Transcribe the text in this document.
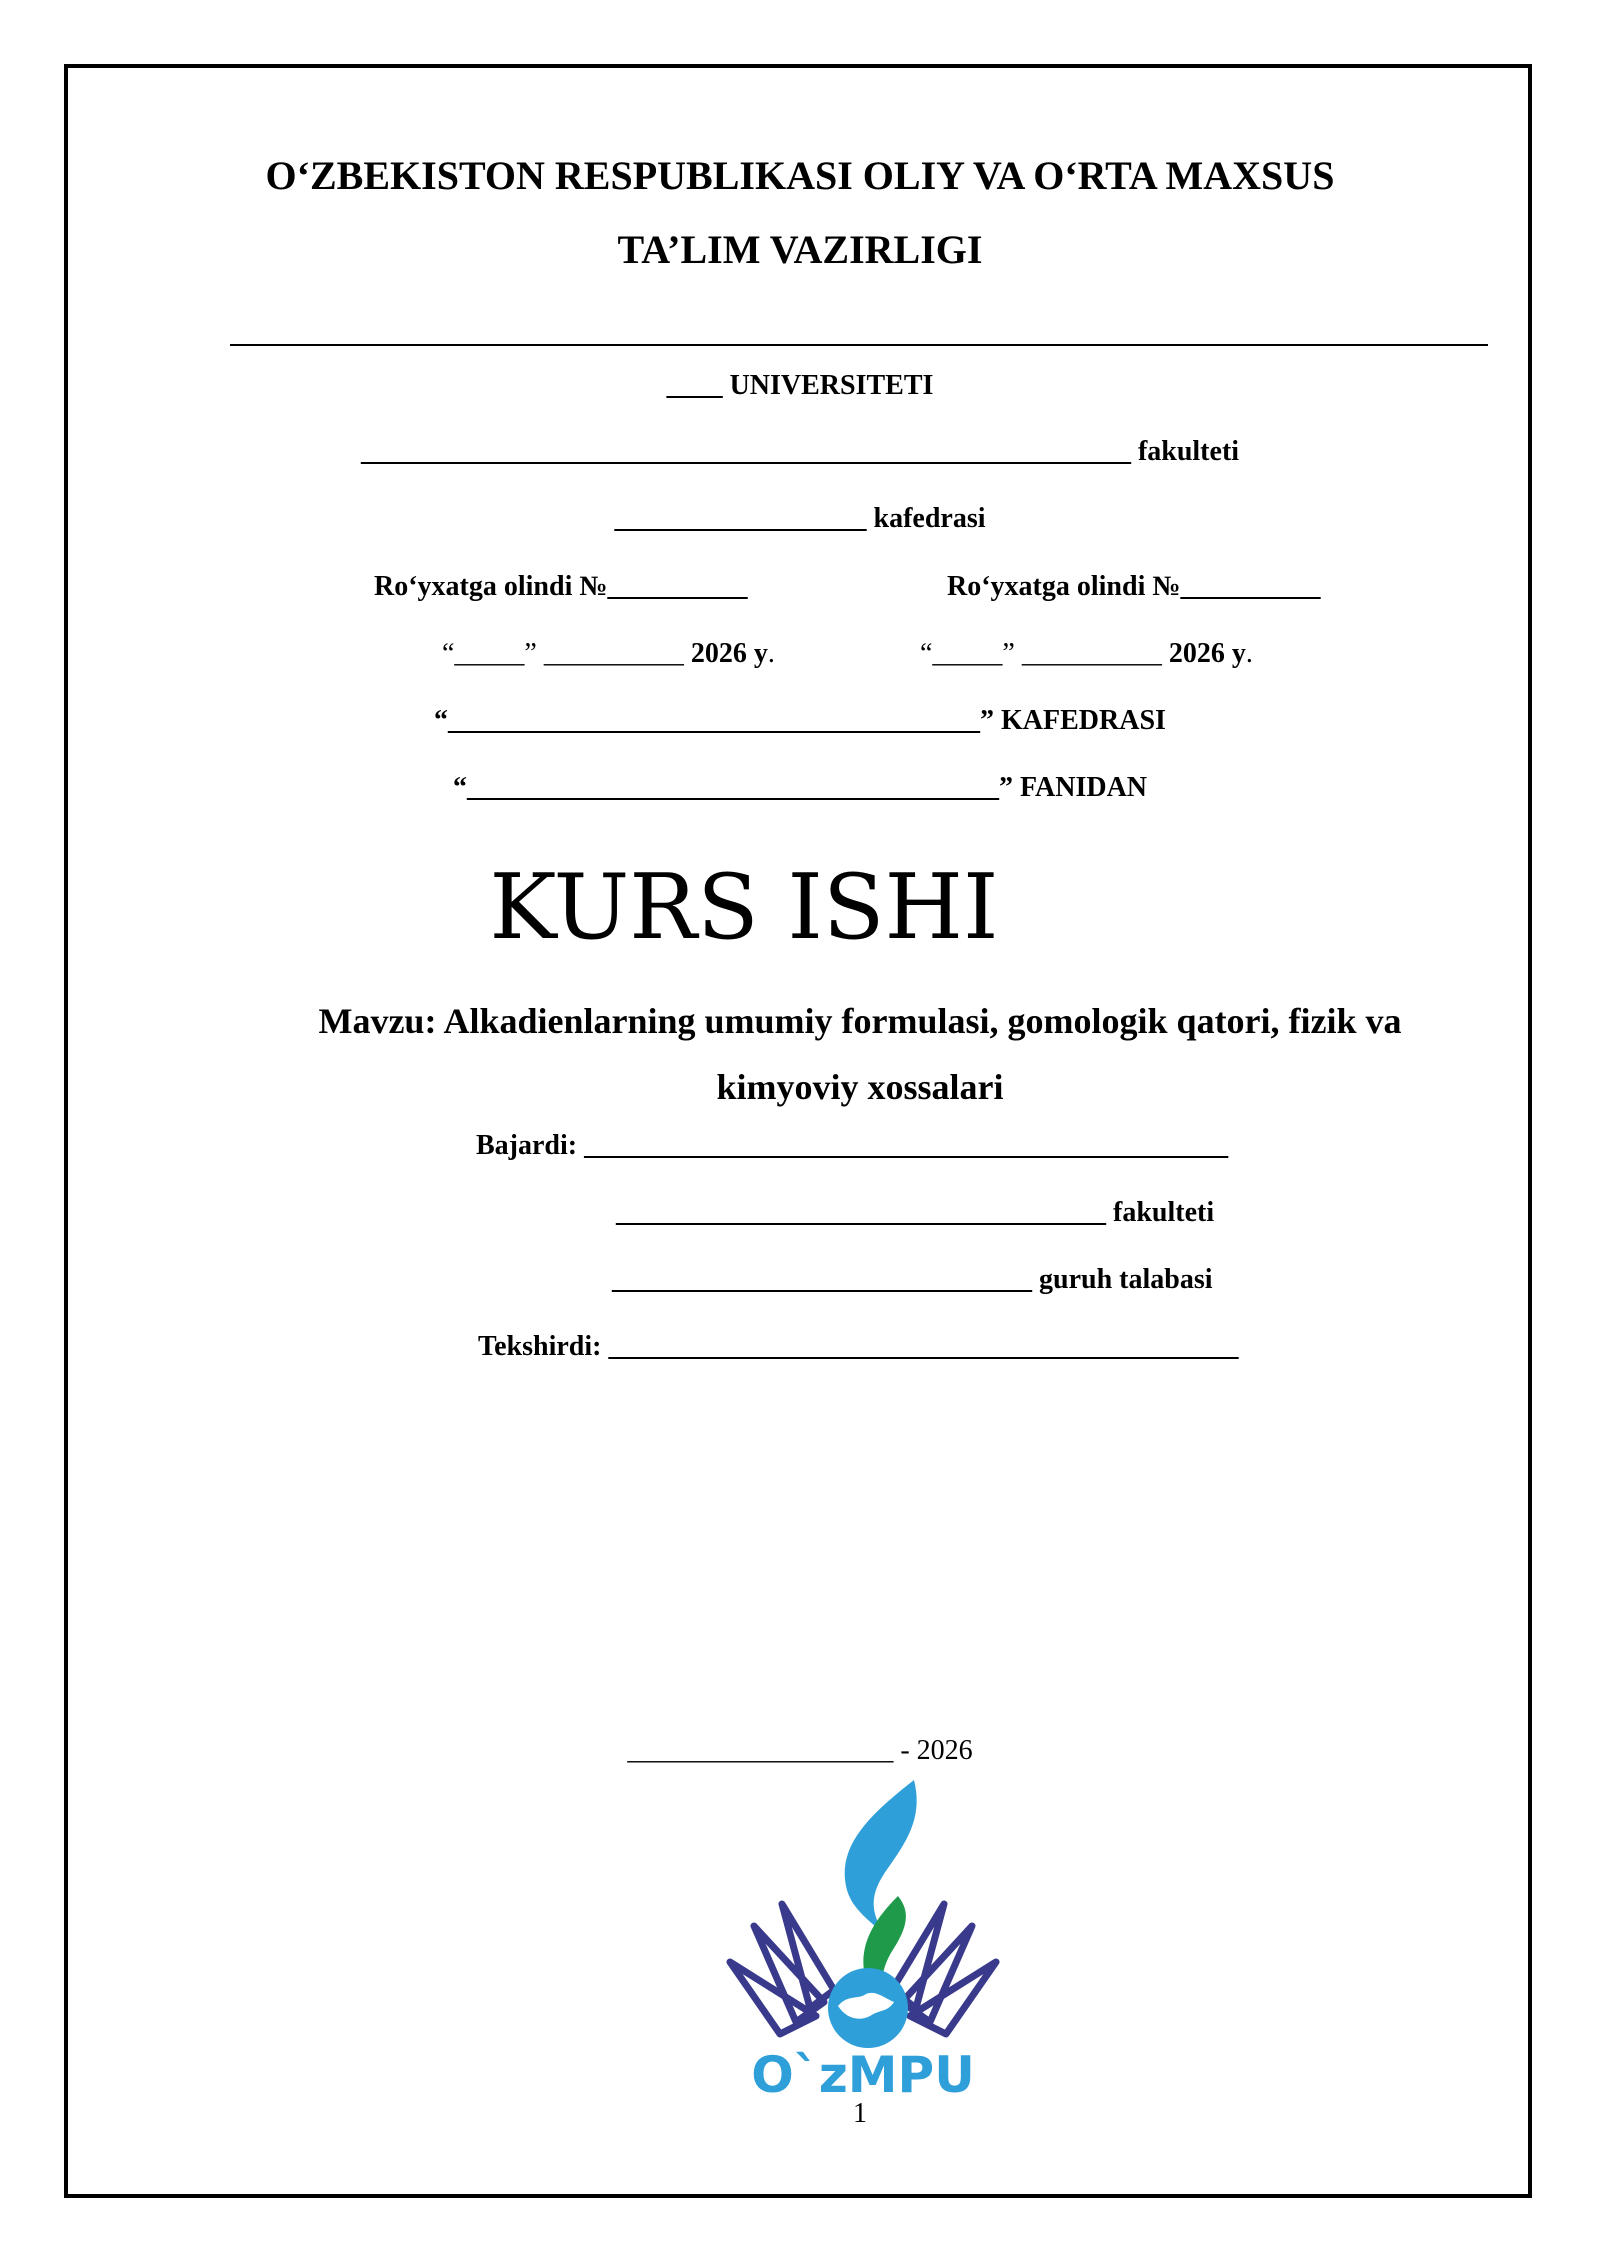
O‘ZBEKISTON RESPUBLIKASI OLIY VA O‘RTA MAXSUS
TA’LIM VAZIRLIGI
____ UNIVERSITETI
_______________________________________________________ fakulteti
__________________ kafedrasi
Ro‘yxatga olindi №__________	Ro‘yxatga olindi №__________
“_____” __________ 2026 y.	“_____” __________ 2026 y.
“______________________________________” KAFEDRASI
“______________________________________” FANIDAN
KURS ISHI
Mavzu: Alkadienlarning umumiy formulasi, gomologik qatori, fizik va
kimyoviy xossalari
Bajardi: ______________________________________________
___________________________________ fakulteti
______________________________ guruh talabasi
Tekshirdi: _____________________________________________
___________________ - 2026
O`zMPU
1
